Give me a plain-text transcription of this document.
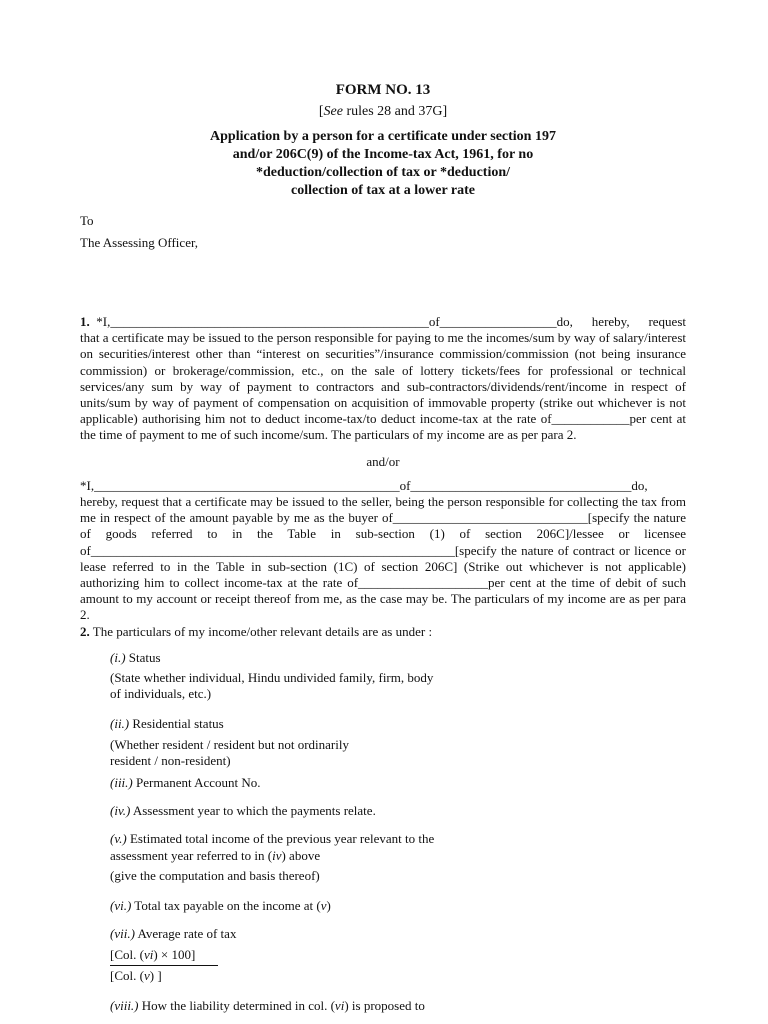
FORM NO. 13
[See rules 28 and 37G]
Application by a person for a certificate under section 197
and/or 206C(9) of the Income-tax Act, 1961, for no
*deduction/collection of tax or *deduction/
collection of tax at a lower rate
To
The Assessing Officer,
1. *I,_________________________________________________of__________________do, hereby, request
that a certificate may be issued to the person responsible for paying to me the incomes/sum by way of salary/interest on securities/interest other than “interest on securities”/insurance commission/commission (not being insurance commission) or brokerage/commission, etc., on the sale of lottery tickets/fees for professional or technical services/any sum by way of payment to contractors and sub-contractors/dividends/rent/income in respect of units/sum by way of payment of compensation on acquisition of immovable property (strike out whichever is not applicable) authorising him not to deduct income-tax/to deduct income-tax at the rate of____________per cent at the time of payment to me of such income/sum. The particulars of my income are as per para 2.
and/or
*I,_______________________________________________of__________________________________do,
hereby, request that a certificate may be issued to the seller, being the person responsible for collecting the tax from me in respect of the amount payable by me as the buyer of______________________________[specify the nature of goods referred to in the Table in sub-section (1) of section 206C]/lessee or licensee of________________________________________________________[specify the nature of contract or licence or lease referred to in the Table in sub-section (1C) of section 206C] (Strike out whichever is not applicable) authorizing him to collect income-tax at the rate of____________________per cent at the time of debit of such amount to my account or receipt thereof from me, as the case may be. The particulars of my income are as per para 2.
2. The particulars of my income/other relevant details are as under :
(i.) Status
(State whether individual, Hindu undivided family, firm, body
of individuals, etc.)
(ii.) Residential status
(Whether resident / resident but not ordinarily
resident / non-resident)
(iii.) Permanent Account No.
(iv.) Assessment year to which the payments relate.
(v.) Estimated total income of the previous year relevant to the
assessment year referred to in (iv) above
(give the computation and basis thereof)
(vi.) Total tax payable on the income at (v)
(vii.) Average rate of tax
[Col. (vi) × 100]
[Col. (v) ]
(viii.) How the liability determined in col. (vi) is proposed to
